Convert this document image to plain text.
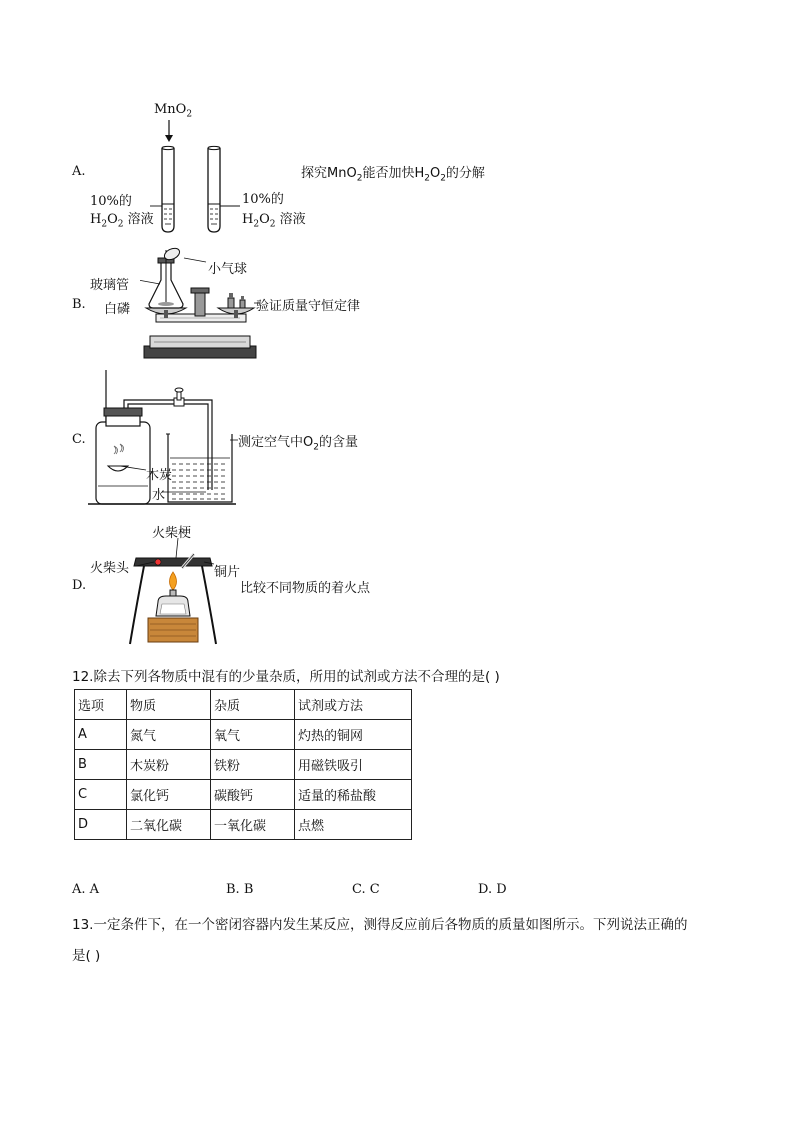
MnO$_2$
A.
10%的
$H_2O_2$ 溶液
10%的
$H_2O_2$ 溶液
探究MnO$_2$能否加快$H_2O_2$的分解
B.
小气球
玻璃管
白磷	验证质量守恒定律
C.
木炭
水
测定空气中$O_2$的含量
D.
火柴梗
火柴头	铜片
比较不同物质的着火点
12.除去下列各物质中混有的少量杂质，所用的试剂或方法不合理的是( )
选项	物质	杂质	试剂或方法
A	氮气	氧气	灼热的铜网
B	木炭粉	铁粉	用磁铁吸引
C	氯化钙	碳酸钙	适量的稀盐酸
D	二氧化碳	一氧化碳	点燃
A. A	B. B	C. C	D. D
13.一定条件下，在一个密闭容器内发生某反应，测得反应前后各物质的质量如图所示。下列说法正确的
是( )
